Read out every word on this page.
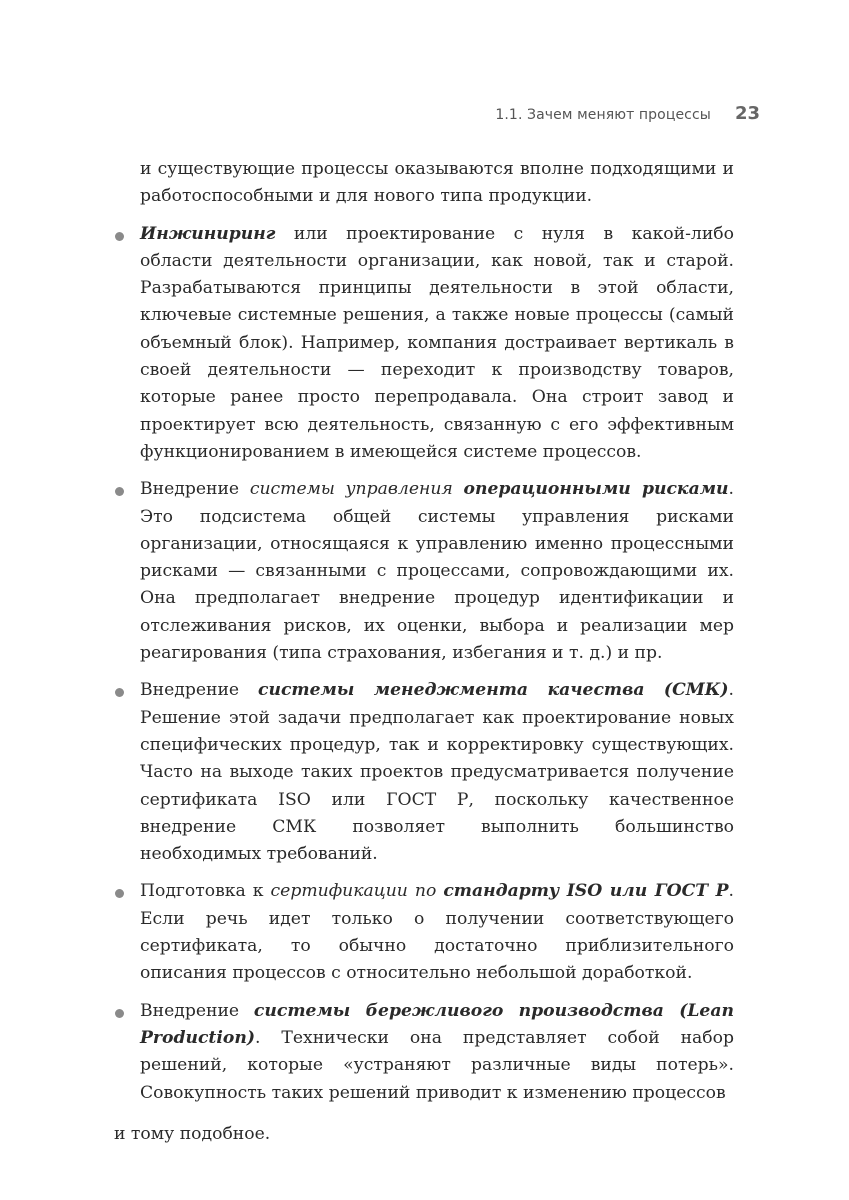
1.1. Зачем меняют процессы 23

и существующие процессы оказываются вполне подходящими и работоспособными и для нового типа продукции.

Инжиниринг или проектирование с нуля в какой-либо области деятельнoсти организации, как новой, так и старой. Разрабатываются принципы деятельности в этой области, ключевые системные решения, а также новые процессы (самый объемный блок). Например, компания достраивает вертикаль в своей деятельности — переходит к производству товаров, которые ранее просто перепродавала. Она строит завод и проектирует всю деятельность, связанную с его эффективным функционированием в имеющейся системе процессов.
Внедрение системы управления операционными рисками. Это подсистема общей системы управления рисками организации, относящаяся к управлению именно процессными рисками — связанными с процессами, сопровождающими их. Она предполагает внедрение процедур идентификации и отслеживания рисков, их оценки, выбора и реализации мер реагирования (типа страхования, избегания и т. д.) и пр.
Внедрение системы менеджмента качества (СМК). Решение этой задачи предполагает как проектирование новых специфических процедур, так и корректировку существующих. Часто на выходе таких проектов предусматривается получение сертификата ISO или ГОСТ Р, поскольку качественное внедрение СМК позволяет выполнить большинство необходимых требований.
Подготовка к сертификации по стандарту ISO или ГОСТ Р. Если речь идет только о получении соответствующего сертификата, то обычно достаточно приблизительного описания процессов с относительно небольшой доработкой.
Внедрение системы бережливого производства (Lean Production). Технически она представляет собой набор решений, которые «устраняют различные виды потерь». Совокупность таких решений приводит к изменению процессов

и тому подобное.
